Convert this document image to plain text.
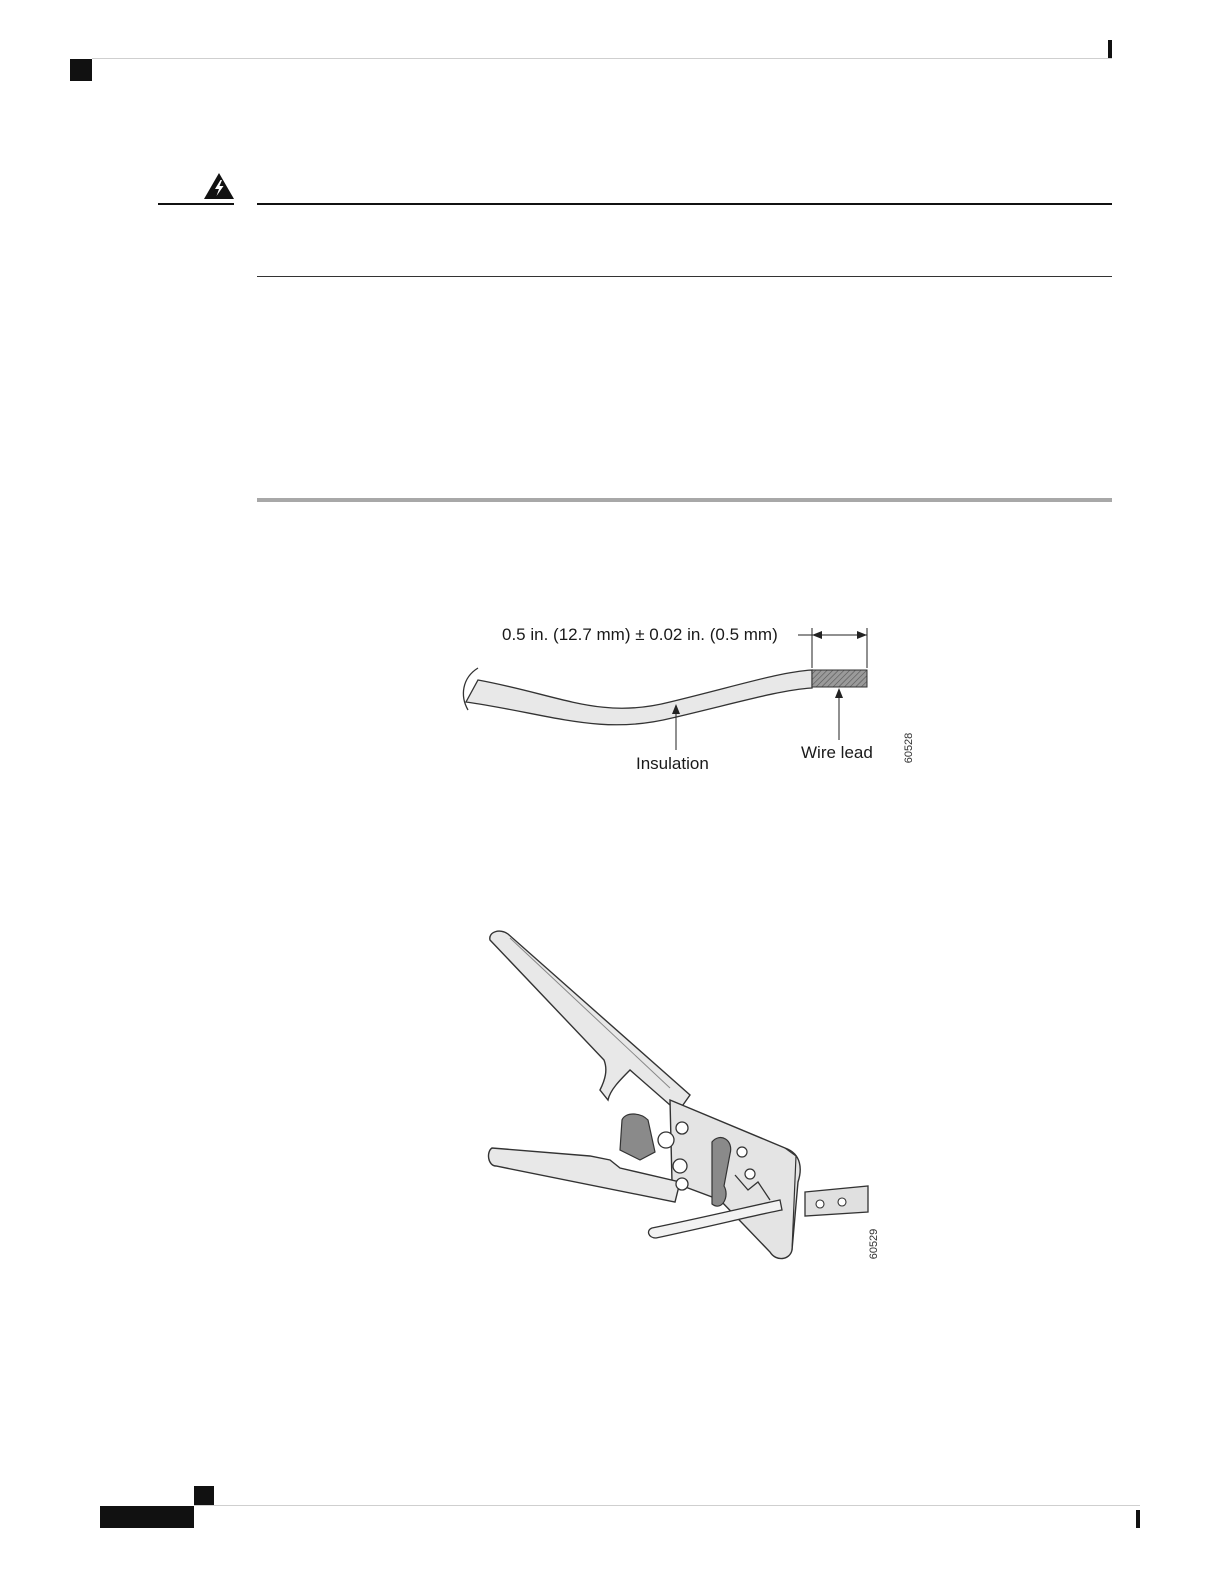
0.5 in. (12.7 mm) ± 0.02 in. (0.5 mm)
Insulation
Wire lead	60528
60529
